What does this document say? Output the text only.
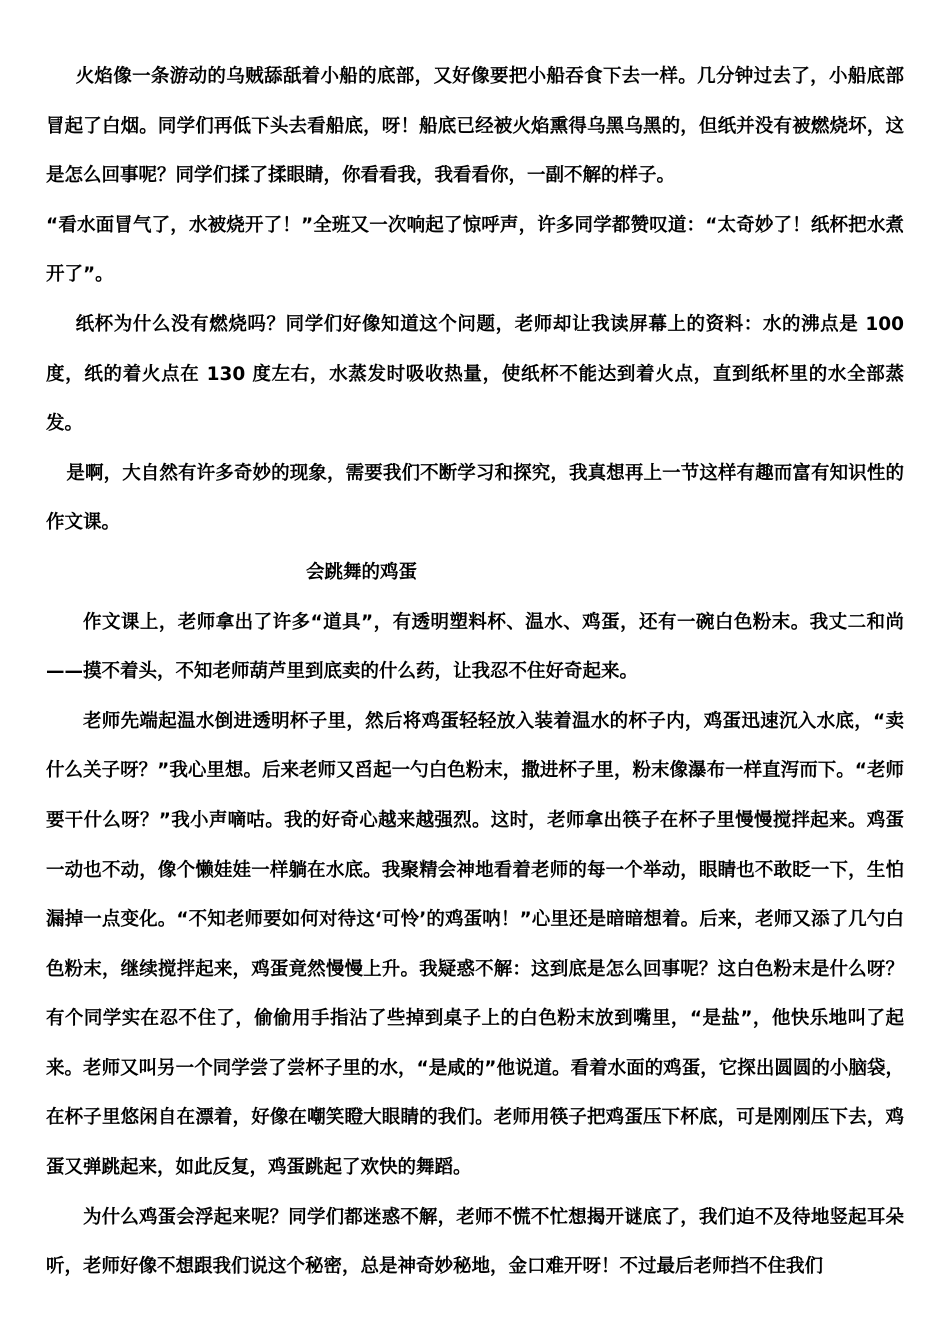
火焰像一条游动的乌贼舔舐着小船的底部，又好像要把小船吞食下去一样。几分钟过去了，小船底部冒起了白烟。同学们再低下头去看船底，呀！船底已经被火焰熏得乌黑乌黑的，但纸并没有被燃烧坏，这是怎么回事呢？同学们揉了揉眼睛，你看看我，我看看你，一副不解的样子。

“看水面冒气了，水被烧开了！”全班又一次响起了惊呼声，许多同学都赞叹道：“太奇妙了！纸杯把水煮开了”。

纸杯为什么没有燃烧吗？同学们好像知道这个问题，老师却让我读屏幕上的资料：水的沸点是 100 度，纸的着火点在 130 度左右，水蒸发时吸收热量，使纸杯不能达到着火点，直到纸杯里的水全部蒸发。

是啊，大自然有许多奇妙的现象，需要我们不断学习和探究，我真想再上一节这样有趣而富有知识性的作文课。

会跳舞的鸡蛋

作文课上，老师拿出了许多“道具”，有透明塑料杯、温水、鸡蛋，还有一碗白色粉末。我丈二和尚——摸不着头，不知老师葫芦里到底卖的什么药，让我忍不住好奇起来。

老师先端起温水倒进透明杯子里，然后将鸡蛋轻轻放入装着温水的杯子内，鸡蛋迅速沉入水底，“卖什么关子呀？”我心里想。后来老师又舀起一勺白色粉末，撒进杯子里，粉末像瀑布一样直泻而下。“老师要干什么呀？”我小声嘀咕。我的好奇心越来越强烈。这时，老师拿出筷子在杯子里慢慢搅拌起来。鸡蛋一动也不动，像个懒娃娃一样躺在水底。我聚精会神地看着老师的每一个举动，眼睛也不敢眨一下，生怕漏掉一点变化。“不知老师要如何对待这‘可怜’的鸡蛋呐！”心里还是暗暗想着。后来，老师又添了几勺白色粉末，继续搅拌起来，鸡蛋竟然慢慢上升。我疑惑不解：这到底是怎么回事呢？这白色粉末是什么呀？有个同学实在忍不住了，偷偷用手指沾了些掉到桌子上的白色粉末放到嘴里，“是盐”，他快乐地叫了起来。老师又叫另一个同学尝了尝杯子里的水，“是咸的”他说道。看着水面的鸡蛋，它探出圆圆的小脑袋，在杯子里悠闲自在漂着，好像在嘲笑瞪大眼睛的我们。老师用筷子把鸡蛋压下杯底，可是刚刚压下去，鸡蛋又弹跳起来，如此反复，鸡蛋跳起了欢快的舞蹈。

为什么鸡蛋会浮起来呢？同学们都迷惑不解，老师不慌不忙想揭开谜底了，我们迫不及待地竖起耳朵听，老师好像不想跟我们说这个秘密，总是神奇妙秘地，金口难开呀！不过最后老师挡不住我们
